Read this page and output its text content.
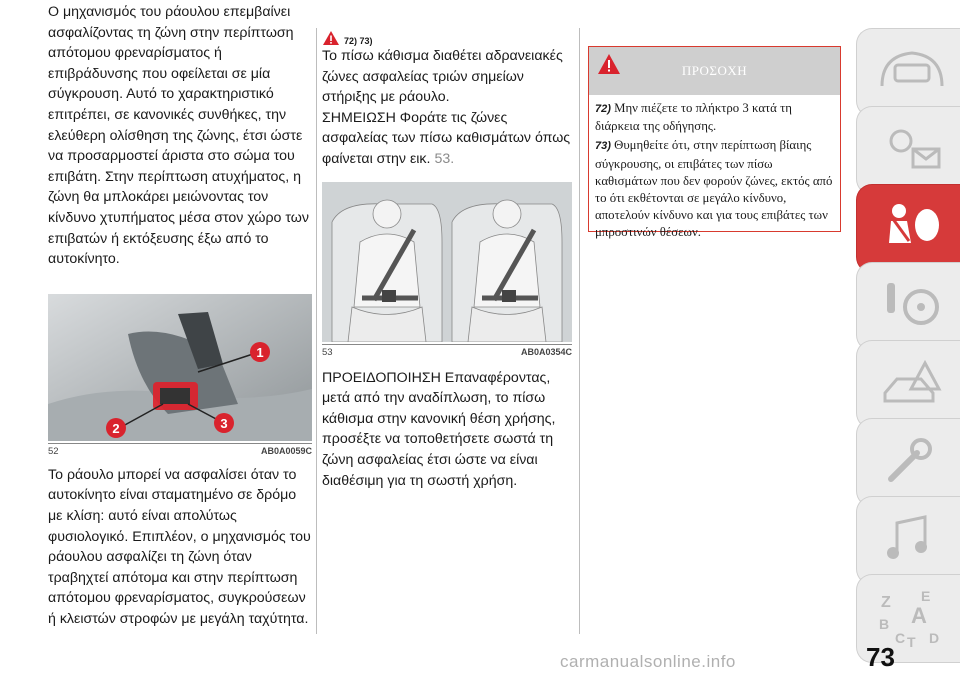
Ο μηχανισμός του ράουλου επεμβαίνει ασφαλίζοντας τη ζώνη στην περίπτωση απότομου φρεναρίσματος ή επιβράδυνσης που οφείλεται σε μία σύγκρουση. Αυτό το χαρακτηριστικό επιτρέπει, σε κανονικές συνθήκες, την ελεύθερη ολίσθηση της ζώνης, έτσι ώστε να προσαρμοστεί άριστα στο σώμα του επιβάτη. Στην περίπτωση ατυχήματος, η ζώνη θα μπλοκάρει μειώνοντας τον κίνδυνο χτυπήματος μέσα στον χώρο των επιβατών ή εκτόξευσης έξω από το αυτοκίνητο.

1
2	3
52	AB0A0059C

Το ράουλο μπορεί να ασφαλίσει όταν το αυτοκίνητο είναι σταματημένο σε δρόμο με κλίση: αυτό είναι απολύτως φυσιολογικό. Επιπλέον, ο μηχανισμός του ράουλου ασφαλίζει τη ζώνη όταν τραβηχτεί απότομα και στην περίπτωση απότομου φρεναρίσματος, συγκρούσεων ή κλειστών στροφών με μεγάλη ταχύτητα.

72) 73)

Το πίσω κάθισμα διαθέτει αδρανειακές ζώνες ασφαλείας τριών σημείων στήριξης με ράουλο.

ΣΗΜΕΙΩΣΗ Φοράτε τις ζώνες ασφαλείας των πίσω καθισμάτων όπως φαίνεται στην εικ. 53.

53	AB0A0354C

ΠΡΟΕΙΔΟΠΟΙΗΣΗ Επαναφέροντας, μετά από την αναδίπλωση, το πίσω κάθισμα στην κανονική θέση χρήσης, προσέξτε να τοποθετήσετε σωστά τη ζώνη ασφαλείας έτσι ώστε να είναι διαθέσιμη για τη σωστή χρήση.

ΠΡΟΣΟΧΗ

72) Μην πιέζετε το πλήκτρο 3 κατά τη διάρκεια της οδήγησης.

73) Θυμηθείτε ότι, στην περίπτωση βίαιης σύγκρουσης, οι επιβάτες των πίσω καθισμάτων που δεν φορούν ζώνες, εκτός από το ότι εκθέτονται σε μεγάλο κίνδυνο, αποτελούν κίνδυνο και για τους επιβάτες των μπροστινών θέσεων.

Z E
B A
C T D
carmanualsonline.info	73
